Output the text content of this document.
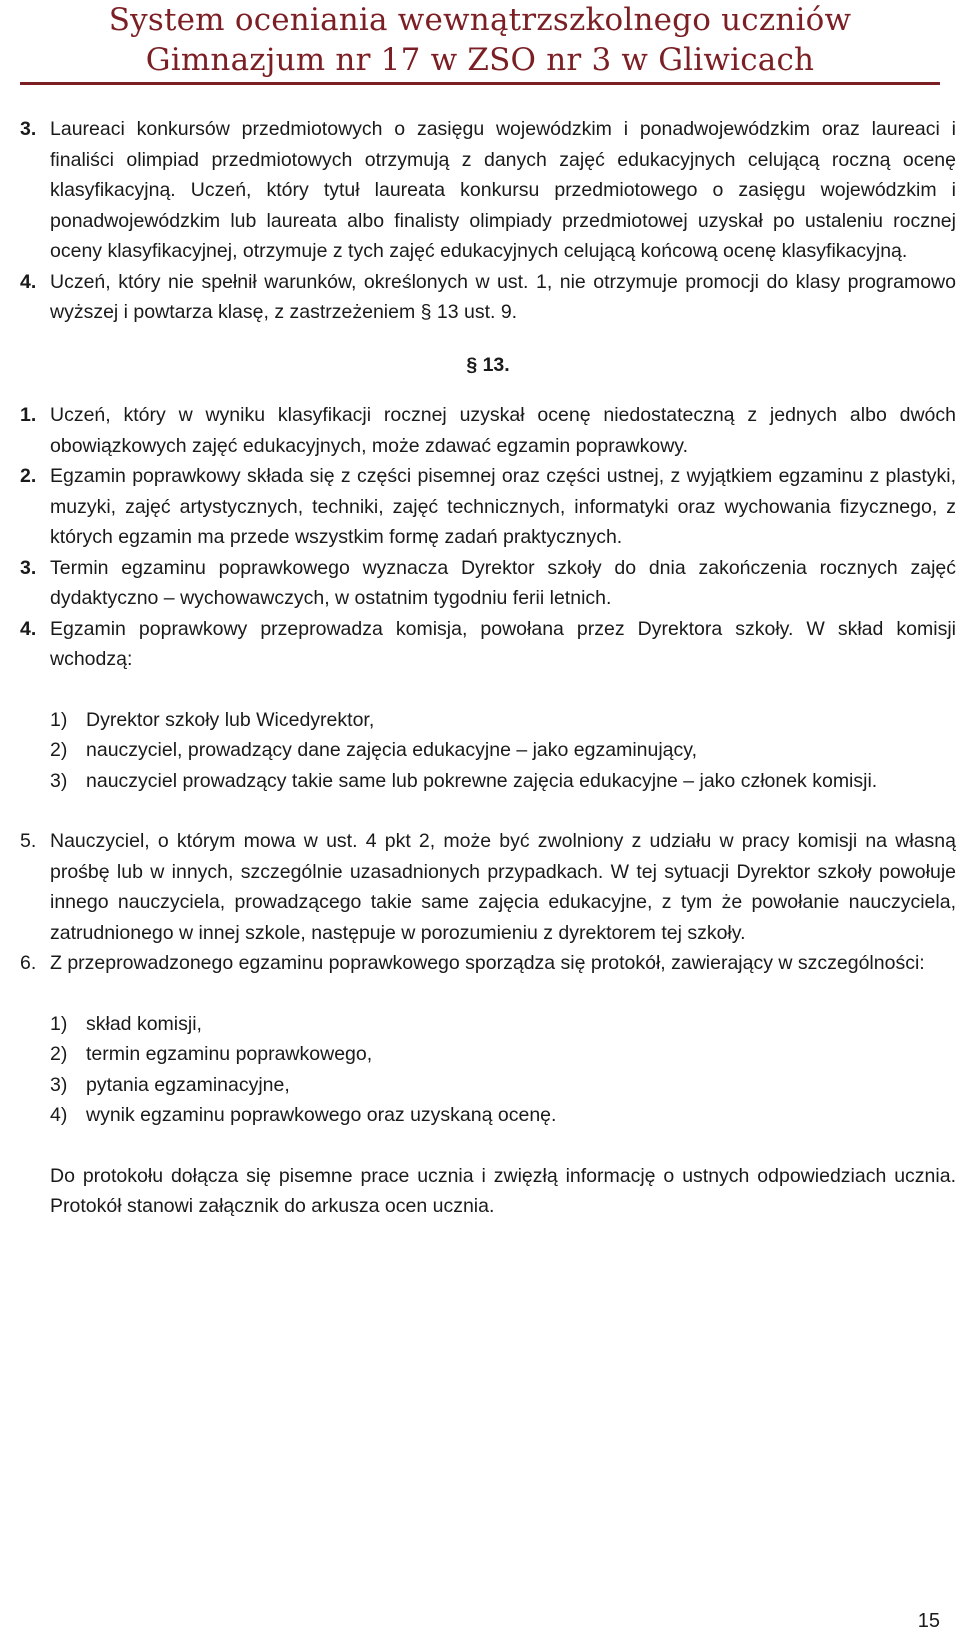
System oceniania wewnątrzszkolnego uczniów
Gimnazjum nr 17 w ZSO nr 3 w Gliwicach
3. Laureaci konkursów przedmiotowych o zasięgu wojewódzkim i ponadwojewódzkim oraz laureaci i finaliści olimpiad przedmiotowych otrzymują z danych zajęć edukacyjnych celującą roczną ocenę klasyfikacyjną. Uczeń, który tytuł laureata konkursu przedmiotowego o zasięgu wojewódzkim i ponadwojewódzkim lub laureata albo finalisty olimpiady przedmiotowej uzyskał po ustaleniu rocznej oceny klasyfikacyjnej, otrzymuje z tych zajęć edukacyjnych celującą końcową ocenę klasyfikacyjną.
4. Uczeń, który nie spełnił warunków, określonych w ust. 1, nie otrzymuje promocji do klasy programowo wyższej i powtarza klasę, z zastrzeżeniem § 13 ust. 9.
§ 13.
1. Uczeń, który w wyniku klasyfikacji rocznej uzyskał ocenę niedostateczną z jednych albo dwóch obowiązkowych zajęć edukacyjnych, może zdawać egzamin poprawkowy.
2. Egzamin poprawkowy składa się z części pisemnej oraz części ustnej, z wyjątkiem egzaminu z plastyki, muzyki, zajęć artystycznych, techniki, zajęć technicznych, informatyki oraz wychowania fizycznego, z których egzamin ma przede wszystkim formę zadań praktycznych.
3. Termin egzaminu poprawkowego wyznacza Dyrektor szkoły do dnia zakończenia rocznych zajęć dydaktyczno – wychowawczych, w ostatnim tygodniu ferii letnich.
4. Egzamin poprawkowy przeprowadza komisja, powołana przez Dyrektora szkoły. W skład komisji wchodzą:
1) Dyrektor szkoły lub Wicedyrektor,
2) nauczyciel, prowadzący dane zajęcia edukacyjne – jako egzaminujący,
3) nauczyciel prowadzący takie same lub pokrewne zajęcia edukacyjne – jako członek komisji.
5. Nauczyciel, o którym mowa w ust. 4 pkt 2, może być zwolniony z udziału w pracy komisji na własną prośbę lub w innych, szczególnie uzasadnionych przypadkach. W tej sytuacji Dyrektor szkoły powołuje innego nauczyciela, prowadzącego takie same zajęcia edukacyjne, z tym że powołanie nauczyciela, zatrudnionego w innej szkole, następuje w porozumieniu z dyrektorem tej szkoły.
6. Z przeprowadzonego egzaminu poprawkowego sporządza się protokół, zawierający w szczególności:
1) skład komisji,
2) termin egzaminu poprawkowego,
3) pytania egzaminacyjne,
4) wynik egzaminu poprawkowego oraz uzyskaną ocenę.
Do protokołu dołącza się pisemne prace ucznia i zwięzłą informację o ustnych odpowiedziach ucznia. Protokół stanowi załącznik do arkusza ocen ucznia.
15
